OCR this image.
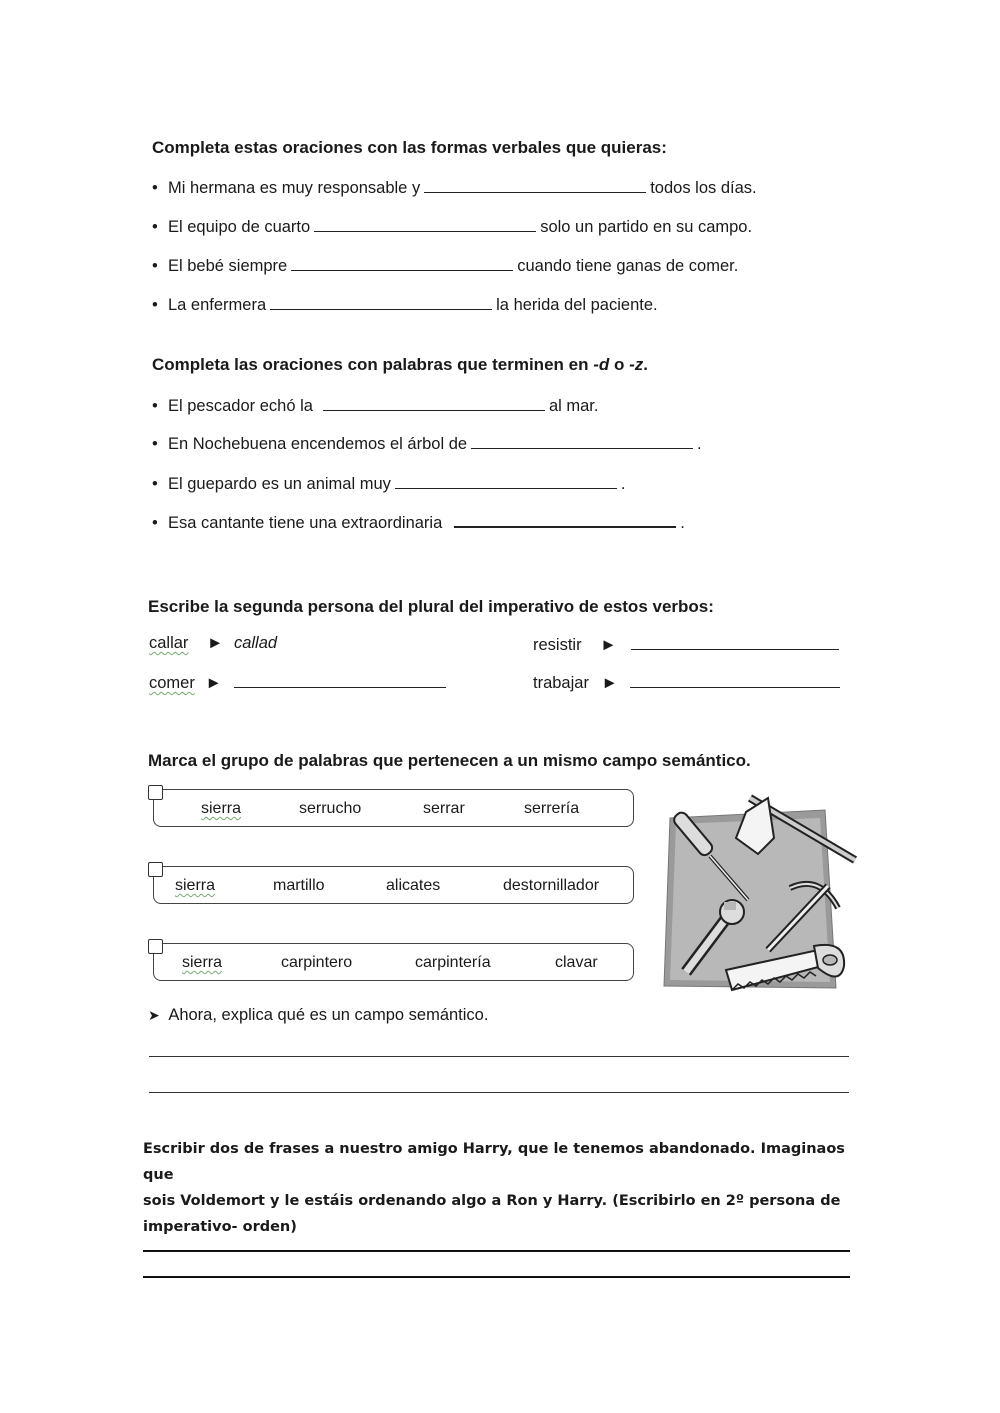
Completa estas oraciones con las formas verbales que quieras:
• Mi hermana es muy responsable y	todos los días.
• El equipo de cuarto	solo un partido en su campo.
• El bebé siempre	cuando tiene ganas de comer.
• La enfermera	la herida del paciente.
Completa las oraciones con palabras que terminen en -d o -z.
• El pescador echó la	al mar.
• En Nochebuena encendemos el árbol de	.
• El guepardo es un animal muy	.
• Esa cantante tiene una extraordinaria	.
Escribe la segunda persona del plural del imperativo de estos verbos:
callar ► callad	resistir ►
comer ►	trabajar ►
Marca el grupo de palabras que pertenecen a un mismo campo semántico.
sierra	serrucho	serrar	serrería
sierra	martillo	alicates	destornillador
sierra	carpintero	carpintería	clavar
➤ Ahora, explica qué es un campo semántico.
Escribir dos de frases a nuestro amigo Harry, que le tenemos abandonado. Imaginaos que
sois Voldemort y le estáis ordenando algo a Ron y Harry. (Escribirlo en 2º persona de
imperativo- orden)
